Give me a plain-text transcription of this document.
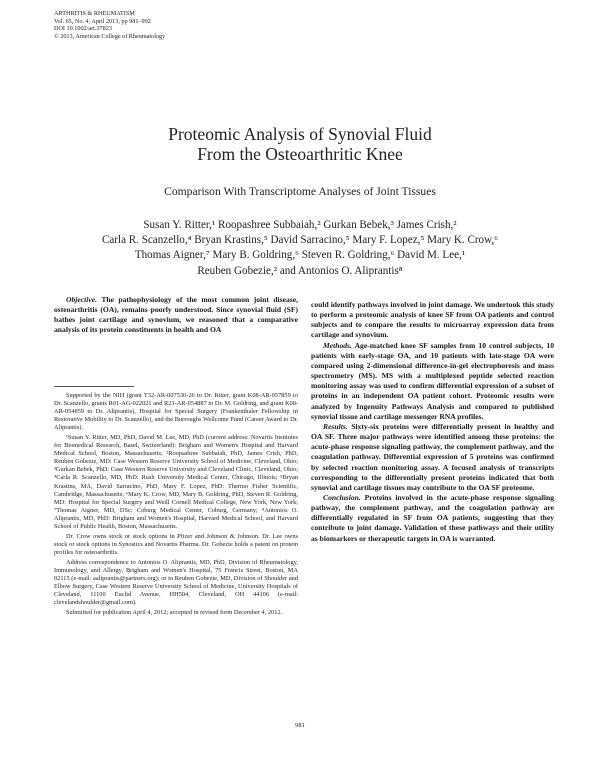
ARTHRITIS & RHEUMATISM
Vol. 65, No. 4, April 2013, pp 981–992
DOI 10.1002/art.37823
© 2013, American College of Rheumatology
Proteomic Analysis of Synovial Fluid
From the Osteoarthritic Knee
Comparison With Transcriptome Analyses of Joint Tissues
Susan Y. Ritter,¹ Roopashree Subbaiah,² Gurkan Bebek,³ James Crish,²
Carla R. Scanzello,⁴ Bryan Krastins,⁵ David Sarracino,⁵ Mary F. Lopez,⁵ Mary K. Crow,⁶
Thomas Aigner,⁷ Mary B. Goldring,⁶ Steven R. Goldring,⁶ David M. Lee,¹
Reuben Gobezie,² and Antonios O. Aliprantis⁸

Objective. The pathophysiology of the most common joint disease, osteoarthritis (OA), remains poorly understood. Since synovial fluid (SF) bathes joint cartilage and synovium, we reasoned that a comparative analysis of its protein constituents in health and OA

Supported by the NIH (grant T32-AR-007530-26 to Dr. Ritter, grant K08-AR-057859 to Dr. Scanzello, grants R01-AG-022021 and R21-AR-054887 to Dr. M. Goldring, and grant K08-AR-054859 to Dr. Aliprantis), Hospital for Special Surgery (Frankenthaler Fellowship in Restorative Mobility to Dr. Scanzello), and the Burroughs Wellcome Fund (Career Award to Dr. Aliprantis).

¹Susan Y. Ritter, MD, PhD, David M. Lee, MD, PhD (current address: Novartis Institutes for Biomedical Research, Basel, Switzerland): Brigham and Women's Hospital and Harvard Medical School, Boston, Massachusetts; ²Roopashree Subbaiah, PhD, James Crish, PhD, Reuben Gobezie, MD: Case Western Reserve University School of Medicine, Cleveland, Ohio; ³Gurkan Bebek, PhD: Case Western Reserve University and Cleveland Clinic, Cleveland, Ohio; ⁴Carla R. Scanzello, MD, PhD: Rush University Medical Center, Chicago, Illinois; ⁵Bryan Krastins, MA, David Sarracino, PhD, Mary F. Lopez, PhD: Thermo Fisher Scientific, Cambridge, Massachusetts; ⁶Mary K. Crow, MD, Mary B. Goldring, PhD, Steven R. Goldring, MD: Hospital for Special Surgery and Weill Cornell Medical College, New York, New York; ⁷Thomas Aigner, MD, DSc: Coburg Medical Center, Coburg, Germany; ⁸Antonios O. Aliprantis, MD, PhD: Brigham and Women's Hospital, Harvard Medical School, and Harvard School of Public Health, Boston, Massachusetts.

Dr. Crow owns stock or stock options in Pfizer and Johnson & Johnson. Dr. Lee owns stock or stock options in Synostics and Novartis Pharma. Dr. Gobezie holds a patent on protein profiles for osteoarthritis.

Address correspondence to Antonios O. Aliprantis, MD, PhD, Division of Rheumatology, Immunology, and Allergy, Brigham and Women's Hospital, 75 Francis Street, Boston, MA 02115 (e-mail: aaliprantis@partners.org); or to Reuben Gobezie, MD, Division of Shoulder and Elbow Surgery, Case Western Reserve University School of Medicine, University Hospitals of Cleveland, 11100 Euclid Avenue, HH504, Cleveland, OH 44106 (e-mail: clevelandshoulder@gmail.com).

Submitted for publication April 4, 2012; accepted in revised form December 4, 2012.

could identify pathways involved in joint damage. We undertook this study to perform a proteomic analysis of knee SF from OA patients and control subjects and to compare the results to microarray expression data from cartilage and synovium.

Methods. Age-matched knee SF samples from 10 control subjects, 10 patients with early-stage OA, and 10 patients with late-stage OA were compared using 2-dimensional difference-in-gel electrophoresis and mass spectrometry (MS). MS with a multiplexed peptide selected reaction monitoring assay was used to confirm differential expression of a subset of proteins in an independent OA patient cohort. Proteomic results were analyzed by Ingenuity Pathways Analysis and compared to published synovial tissue and cartilage messenger RNA profiles.

Results. Sixty-six proteins were differentially present in healthy and OA SF. Three major pathways were identified among these proteins: the acute-phase response signaling pathway, the complement pathway, and the coagulation pathway. Differential expression of 5 proteins was confirmed by selected reaction monitoring assay. A focused analysis of transcripts corresponding to the differentially present proteins indicated that both synovial and cartilage tissues may contribute to the OA SF proteome.

Conclusion. Proteins involved in the acute-phase response signaling pathway, the complement pathway, and the coagulation pathway are differentially regulated in SF from OA patients, suggesting that they contribute to joint damage. Validation of these pathways and their utility as biomarkers or therapeutic targets in OA is warranted.

981
